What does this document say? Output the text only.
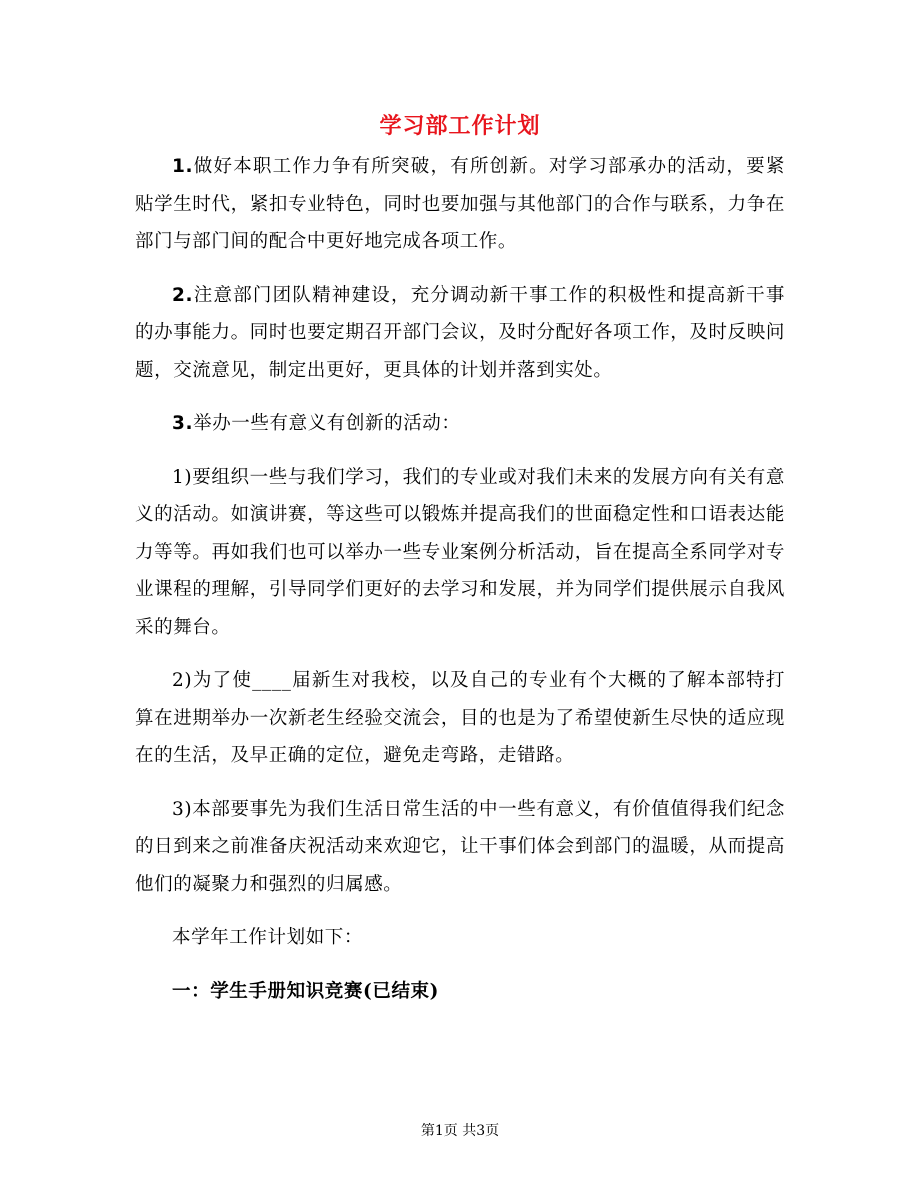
学习部工作计划

1.做好本职工作力争有所突破，有所创新。对学习部承办的活动，要紧贴学生时代，紧扣专业特色，同时也要加强与其他部门的合作与联系，力争在部门与部门间的配合中更好地完成各项工作。

2.注意部门团队精神建设，充分调动新干事工作的积极性和提高新干事的办事能力。同时也要定期召开部门会议，及时分配好各项工作，及时反映问题，交流意见，制定出更好，更具体的计划并落到实处。

3.举办一些有意义有创新的活动：

1)要组织一些与我们学习，我们的专业或对我们未来的发展方向有关有意义的活动。如演讲赛，等这些可以锻炼并提高我们的世面稳定性和口语表达能力等等。再如我们也可以举办一些专业案例分析活动，旨在提高全系同学对专业课程的理解，引导同学们更好的去学习和发展，并为同学们提供展示自我风采的舞台。

2)为了使____届新生对我校，以及自己的专业有个大概的了解本部特打算在进期举办一次新老生经验交流会，目的也是为了希望使新生尽快的适应现在的生活，及早正确的定位，避免走弯路，走错路。

3)本部要事先为我们生活日常生活的中一些有意义，有价值值得我们纪念的日到来之前准备庆祝活动来欢迎它，让干事们体会到部门的温暖，从而提高他们的凝聚力和强烈的归属感。

本学年工作计划如下：

一：学生手册知识竞赛(已结束)

第1页 共3页
